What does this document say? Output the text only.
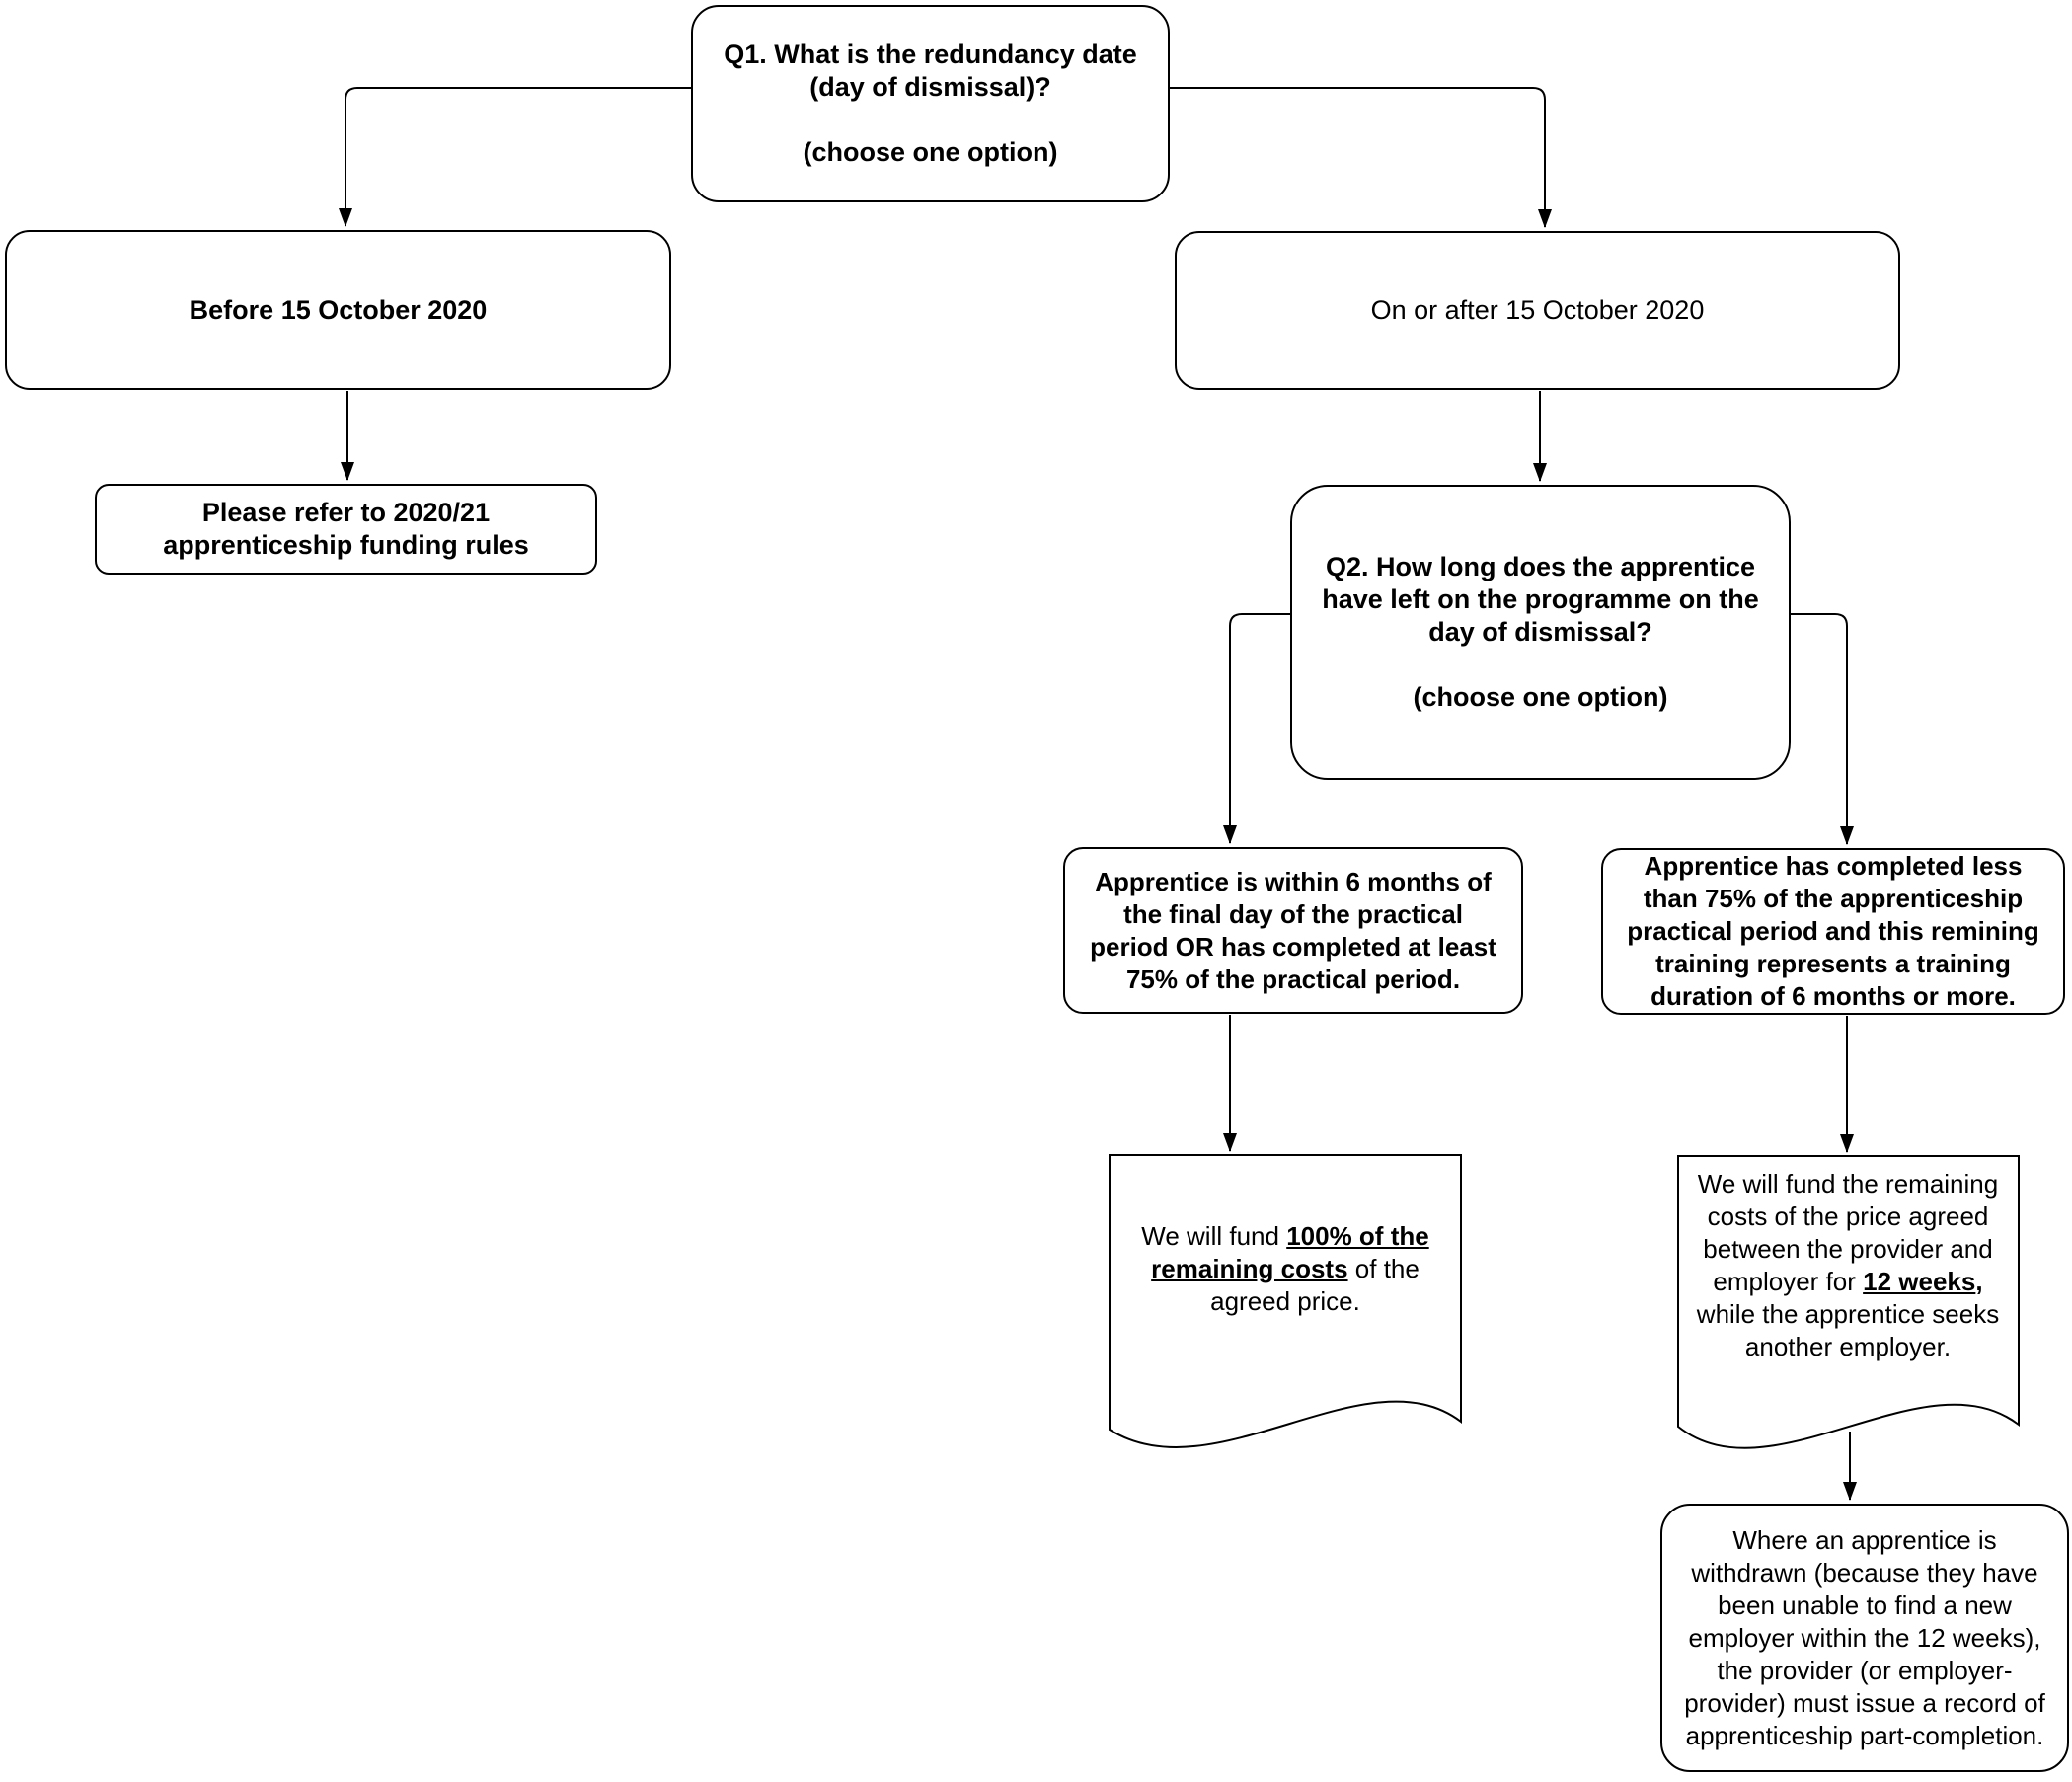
Q1. What is the redundancy date
(day of dismissal)?
(choose one option)
Before 15 October 2020	On or after 15 October 2020
Please refer to 2020/21
apprenticeship funding rules
Q2. How long does the apprentice
have left on the programme on the
day of dismissal?
(choose one option)
Apprentice is within 6 months of
the final day of the practical
period OR has completed at least
75% of the practical period.
Apprentice has completed less
than 75% of the apprenticeship
practical period and this remining
training represents a training
duration of 6 months or more.
We will fund 100% of the
remaining costs of the
agreed price.
We will fund the remaining
costs of the price agreed
between the provider and
employer for 12 weeks,
while the apprentice seeks
another employer.
Where an apprentice is
withdrawn (because they have
been unable to find a new
employer within the 12 weeks),
the provider (or employer-
provider) must issue a record of
apprenticeship part-completion.
